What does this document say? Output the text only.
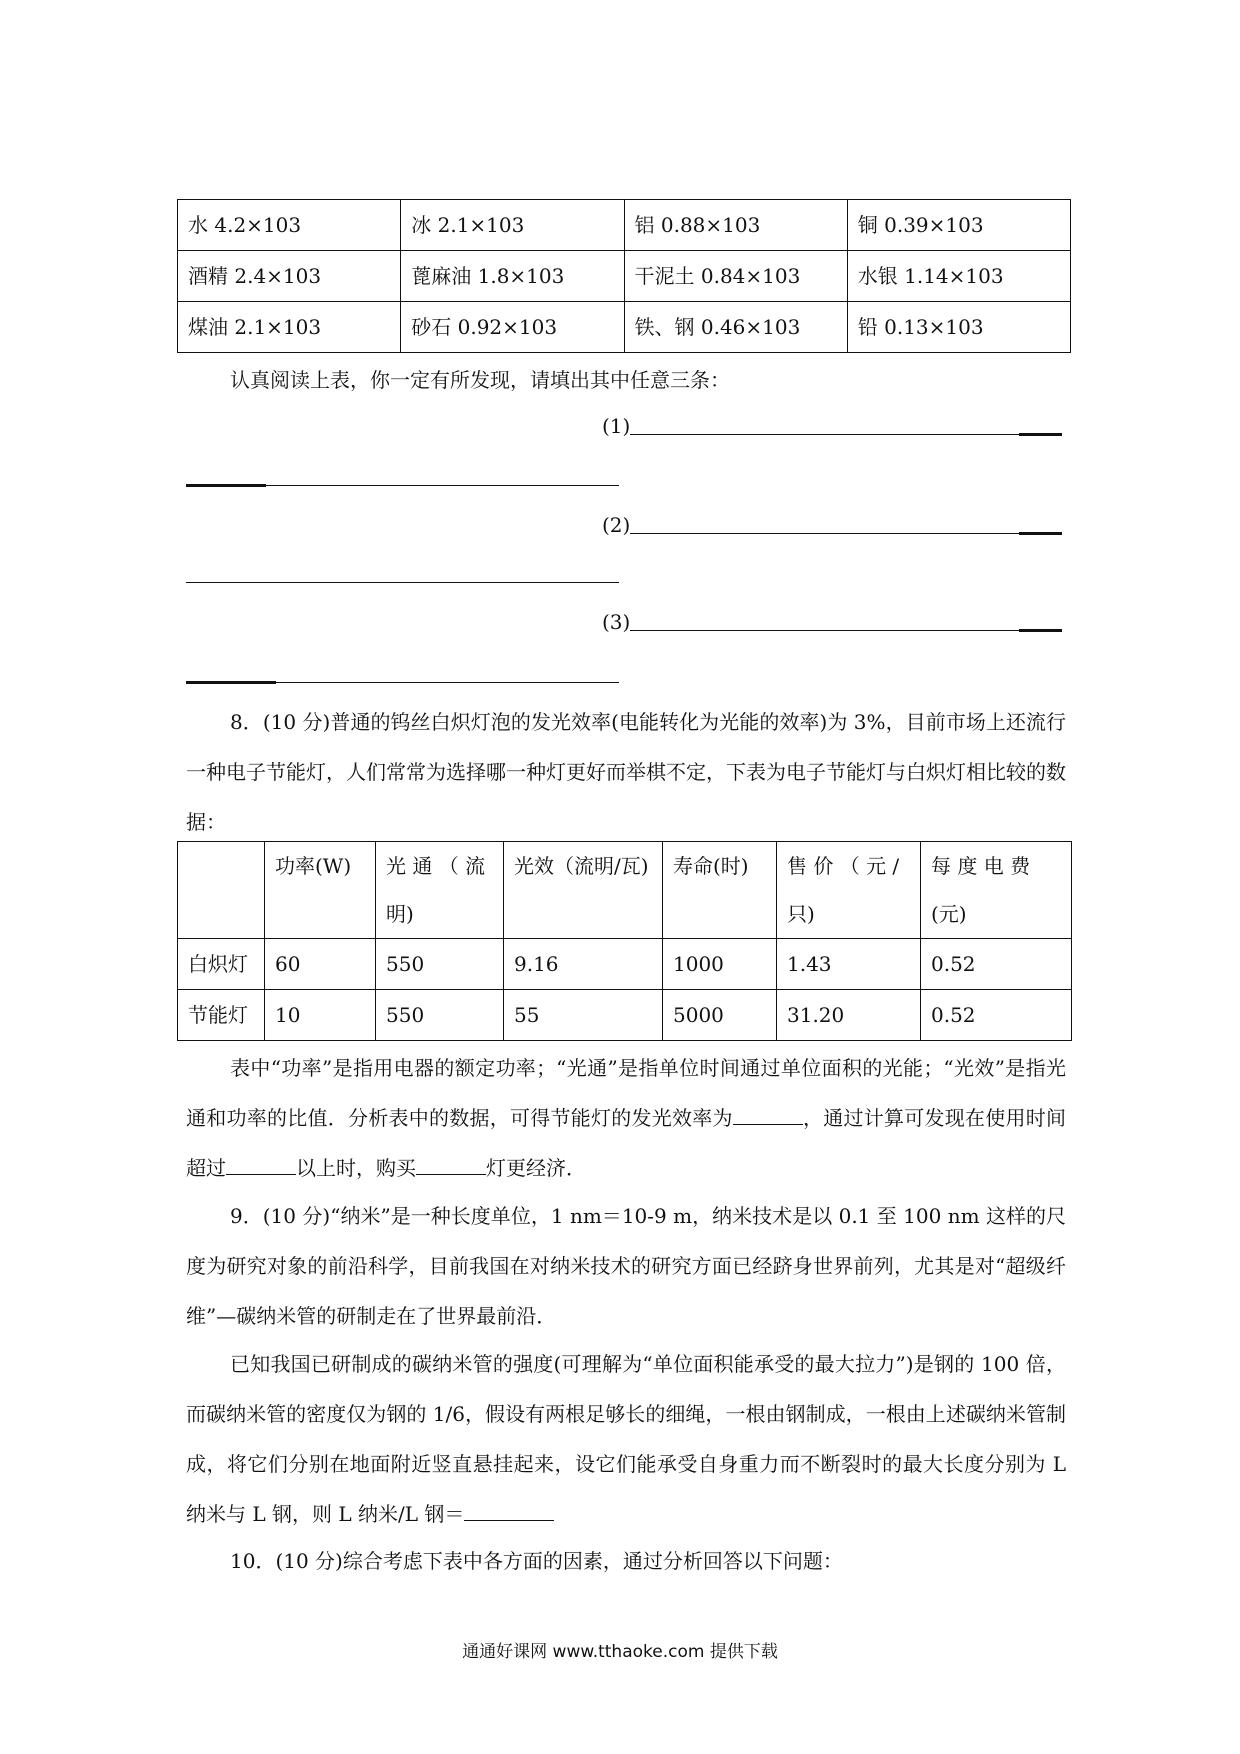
水 4.2×103	冰 2.1×103	铝 0.88×103	铜 0.39×103
酒精 2.4×103	蓖麻油 1.8×103	干泥土 0.84×103	水银 1.14×103
煤油 2.1×103	砂石 0.92×103	铁、钢 0.46×103	铅 0.13×103
认真阅读上表，你一定有所发现，请填出其中任意三条：
(1)
(2)
(3)
8．(10 分)普通的钨丝白炽灯泡的发光效率(电能转化为光能的效率)为 3%，目前市场上还流行一种电子节能灯，人们常常为选择哪一种灯更好而举棋不定，下表为电子节能灯与白炽灯相比较的数据：
	功率(W)	光 通 （ 流明)	光效（流明/瓦)	寿命(时)	售 价 （ 元 / 只)	每 度 电 费(元)
白炽灯	60	550	9.16	1000	1.43	0.52
节能灯	10	550	55	5000	31.20	0.52
表中“功率”是指用电器的额定功率；“光通”是指单位时间通过单位面积的光能；“光效”是指光通和功率的比值．分析表中的数据，可得节能灯的发光效率为	，通过计算可发现在使用时间超过	以上时，购买	灯更经济．
9．(10 分)“纳米”是一种长度单位，1 nm＝10-9 m，纳米技术是以 0.1 至 100 nm 这样的尺度为研究对象的前沿科学，目前我国在对纳米技术的研究方面已经跻身世界前列，尤其是对“超级纤维”—碳纳米管的研制走在了世界最前沿．
已知我国已研制成的碳纳米管的强度(可理解为“单位面积能承受的最大拉力”)是钢的 100 倍，而碳纳米管的密度仅为钢的 1/6，假设有两根足够长的细绳，一根由钢制成，一根由上述碳纳米管制成，将它们分别在地面附近竖直悬挂起来，设它们能承受自身重力而不断裂时的最大长度分别为 L 纳米与 L 钢，则 L 纳米/L 钢＝
10．(10 分)综合考虑下表中各方面的因素，通过分析回答以下问题：
通通好课网 www.tthaoke.com 提供下载
